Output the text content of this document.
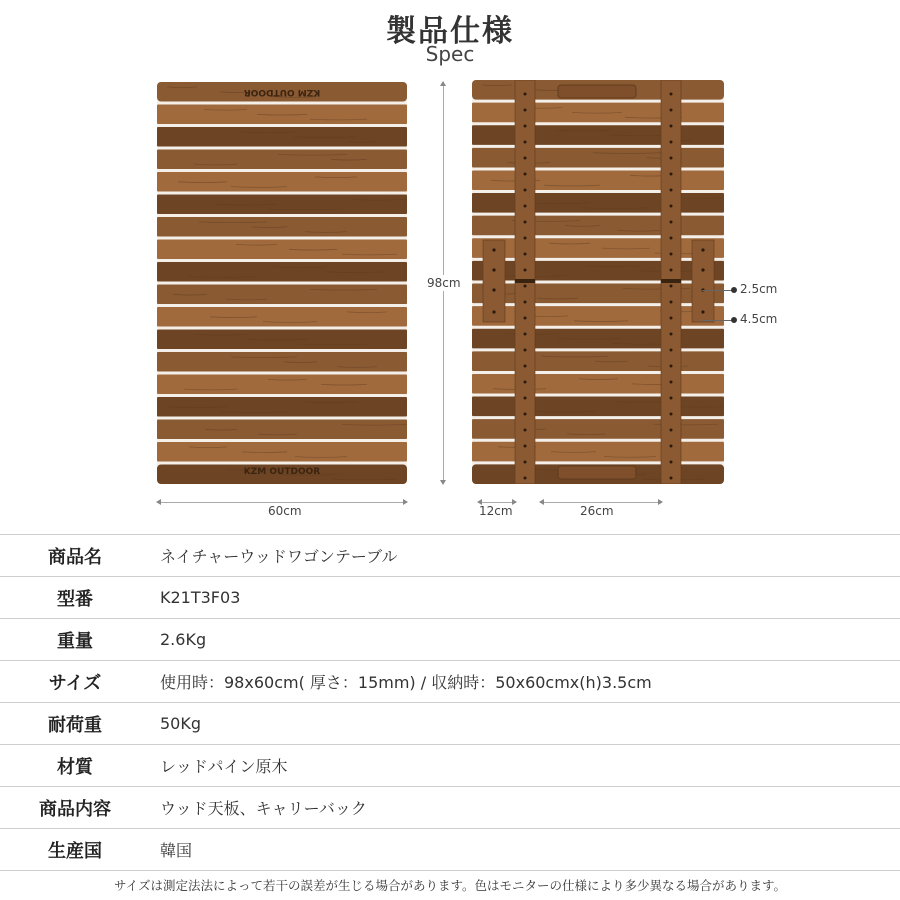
製品仕様
Spec
KZM OUTDOOR
KZM OUTDOOR
98cm
60cm
2.5cm
4.5cm
12cm	26cm
商品名	ネイチャーウッドワゴンテーブル
型番	K21T3F03
重量	2.6Kg
サイズ	使用時：98x60cm( 厚さ：15mm) / 収納時：50x60cmx(h)3.5cm
耐荷重	50Kg
材質	レッドパイン原木
商品内容	ウッド天板、キャリーバック
生産国	韓国
サイズは測定法法によって若干の誤差が生じる場合があります。色はモニターの仕様により多少異なる場合があります。
